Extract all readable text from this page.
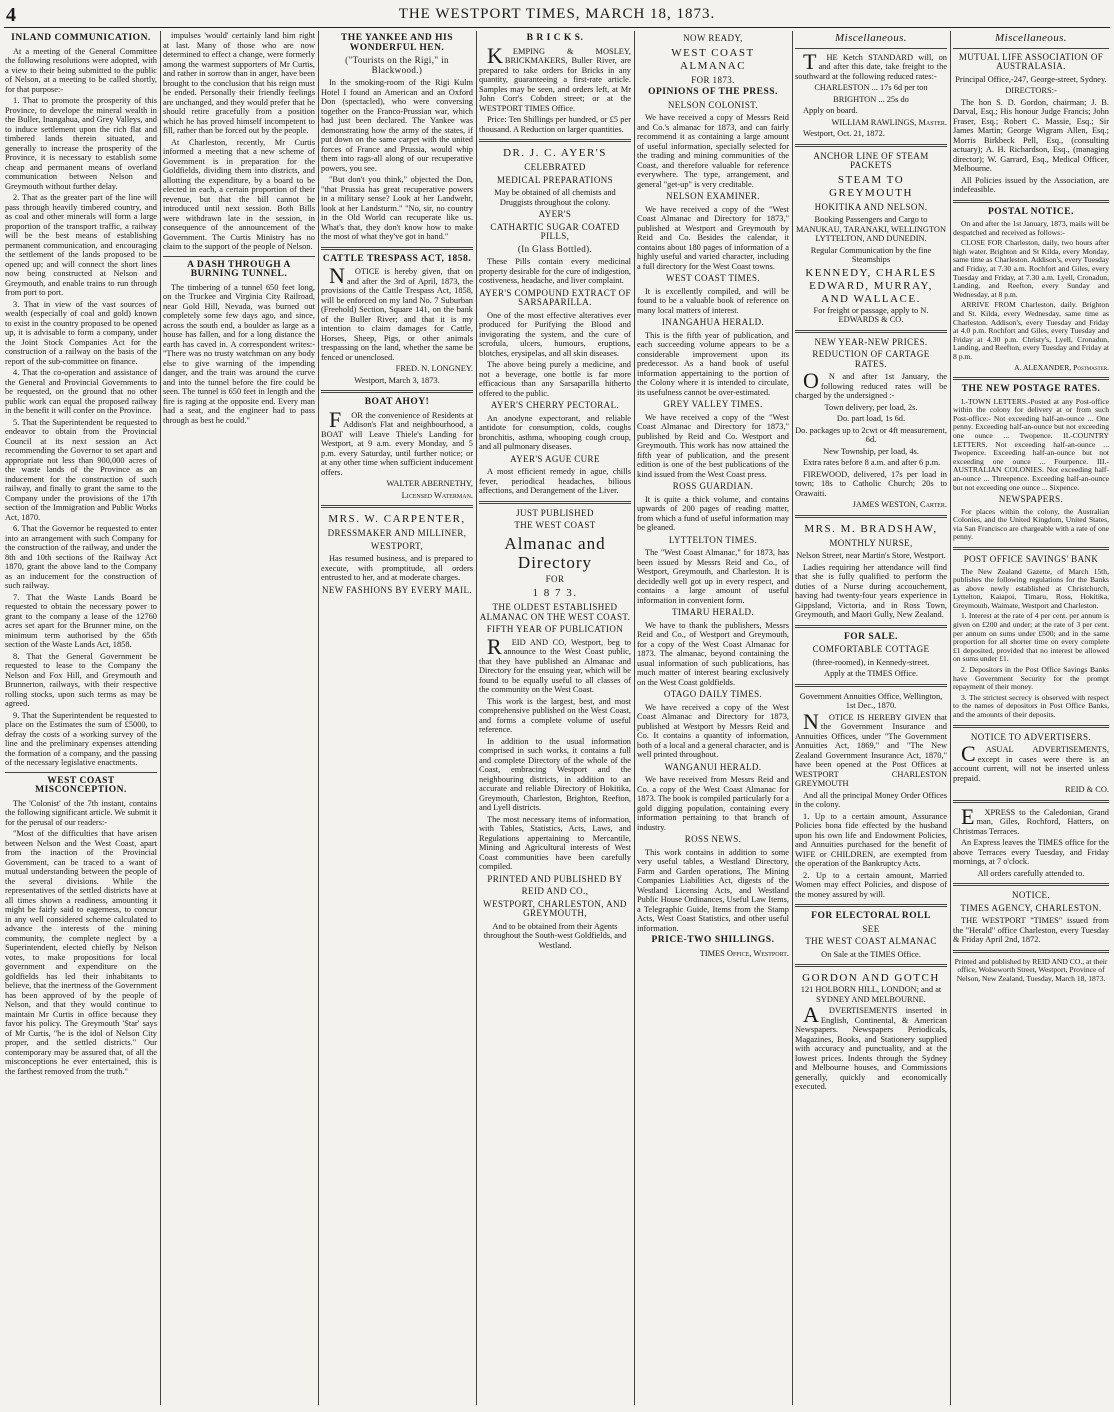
4	THE WESTPORT TIMES, MARCH 18, 1873.
INLAND COMMUNICATION.

At a meeting of the General Committee the following resolutions were adopted, with a view to their being submitted to the public of Nelson, at a meeting to be called shortly, for that purpose:-

1. That to promote the prosperity of this Province, to develope the mineral wealth in the Buller, Inangahua, and Grey Valleys, and to induce settlement upon the rich flat and timbered lands therein situated, and generally to increase the prosperity of the Province, it is necessary to establish some cheap and permanent means of overland communication between Nelson and Greymouth without further delay.

2. That as the greater part of the line will pass through heavily timbered country, and as coal and other minerals will form a large proportion of the transport traffic, a railway will be the best means of establishing permanent communication, and encouraging the settlement of the lands proposed to be opened up; and will connect the short lines now being constructed at Nelson and Greymouth, and enable trains to run through from port to port.

3. That in view of the vast sources of wealth (especially of coal and gold) known to exist in the country proposed to be opened up, it is advisable to form a company, under the Joint Stock Companies Act for the construction of a railway on the basis of the report of the sub-committee on finance.

4. That the co-operation and assistance of the General and Provincial Governments to be requested, on the ground that no other public work can equal the proposed railway in the benefit it will confer on the Province.

5. That the Superintendent be requested to endeavor to obtain from the Provincial Council at its next session an Act recommending the Governor to set apart and appropriate not less than 900,000 acres of the waste lands of the Province as an inducement for the construction of such railway, and finally to grant the same to the Company under the provisions of the 17th section of the Immigration and Public Works Act, 1870.

6. That the Governor be requested to enter into an arrangement with such Company for the construction of the railway, and under the 8th and 10th sections of the Railway Act 1870, grant the above land to the Company as an inducement for the construction of such railway.

7. That the Waste Lands Board be requested to obtain the necessary power to grant to the company a lease of the 12760 acres set apart for the Brunner mine, on the minimum term authorised by the 65th section of the Waste Lands Act, 1858.

8. That the General Government be requested to lease to the Company the Nelson and Fox Hill, and Greymouth and Brunnerton, railways, with their respective rolling stocks, upon such terms as may be agreed.

9. That the Superintendent be requested to place on the Estimates the sum of £5000, to defray the costs of a working survey of the line and the preliminary expenses attending the formation of a company, and the passing of the necessary legislative enactments.

WEST COAST MISCONCEPTION.

The 'Colonist' of the 7th instant, contains the following significant article. We submit it for the perusal of our readers:-

"Most of the difficulties that have arisen between Nelson and the West Coast, apart from the inaction of the Provincial Government, can be traced to a want of mutual understanding between the people of the several divisions. While the representatives of the settled districts have at all times shown a readiness, amounting it might be fairly said to eagerness, to concur in any well considered scheme calculated to advance the interests of the mining community, the complete neglect by a Superintendent, elected chiefly by Nelson votes, to make propositions for local government and expenditure on the goldfields has led their inhabitants to believe, that the inertness of the Government has been approved of by the people of Nelson, and that they would continue to maintain Mr Curtis in office because they favor his policy. The Greymouth 'Star' says of Mr Curtis, "he is the idol of Nelson City proper, and the settled districts." Our contemporary may be assured that, of all the misconceptions he ever entertained, this is the farthest removed from the truth."

impulses 'would' certainly land him right at last. Many of those who are now determined to effect a change, were formerly among the warmest supporters of Mr Curtis, and rather in sorrow than in anger, have been brought to the conclusion that his reign must be ended. Personally their friendly feelings are unchanged, and they would prefer that he should retire gracefully from a position which he has proved himself incompetent to fill, rather than be forced out by the people.

At Charleston, recently, Mr Curtis informed a meeting that a new scheme of Government is in preparation for the Goldfields, dividing them into districts, and allotting the expenditure, by a board to be elected in each, a certain proportion of their revenue, but that the bill cannot be introduced until next session. Both Bills were withdrawn late in the session, in consequence of the announcement of the Government. The Curtis Ministry has no claim to the support of the people of Nelson.

A DASH THROUGH A BURNING TUNNEL.

The timbering of a tunnel 650 feet long, on the Truckee and Virginia City Railroad, near Gold Hill, Nevada, was burned out completely some few days ago, and since, across the south end, a boulder as large as a house has fallen, and for a long distance the earth has caved in. A correspondent writes:- "There was no trusty watchman on any body else to give warning of the impending danger, and the train was around the curve and into the tunnel before the fire could be seen. The tunnel is 650 feet in length and the fire is raging at the opposite end. Every man had a seat, and the engineer had to pass through as best he could."

THE YANKEE AND HIS WONDERFUL HEN.
("Tourists on the Rigi," in Blackwood.)

In the smoking-room of the Rigi Kulm Hotel I found an American and an Oxford Don (spectacled), who were conversing together on the Franco-Prussian war, which had just been declared. The Yankee was demonstrating how the army of the states, if put down on the same carpet with the united forces of France and Prussia, would whip them into rags-all along of our recuperative powers, you see.

"But don't you think," objected the Don, "that Prussia has great recuperative powers in a military sense? Look at her Landwehr, look at her Landsturm." "No, sir, no country in the Old World can recuperate like us. What's that, they don't know how to make the most of what they've got in hand."

CATTLE TRESPASS ACT, 1858.

NOTICE is hereby given, that on and after the 3rd of April, 1873, the provisions of the Cattle Trespass Act, 1858, will be enforced on my land No. 7 Suburban (Freehold) Section, Square 141, on the bank of the Buller River; and that it is my intention to claim damages for Cattle, Horses, Sheep, Pigs, or other animals trespassing on the land, whether the same be fenced or unenclosed.

FRED. N. LONGNEY.

Westport, March 3, 1873.

BOAT AHOY!

FOR the convenience of Residents at Addison's Flat and neighbourhood, a BOAT will Leave Thiele's Landing for Westport, at 9 a.m. every Monday, and 5 p.m. every Saturday, until further notice; or at any other time when sufficient inducement offers.

WALTER ABERNETHY,

Licensed Waterman.

MRS. W. CARPENTER,
DRESSMAKER AND MILLINER,
WESTPORT,

Has resumed business, and is prepared to execute, with promptitude, all orders entrusted to her, and at moderate charges.

NEW FASHIONS BY EVERY MAIL.
B R I C K S.

KEMPING & MOSLEY, BRICKMAKERS, Buller River, are prepared to take orders for Bricks in any quantity, guaranteeing a first-rate article. Samples may be seen, and orders left, at Mr John Corr's Cobden street; or at the WESTPORT TIMES Office.

Price: Ten Shillings per hundred, or £5 per thousand. A Reduction on larger quantities.

DR. J. C. AYER'S
CELEBRATED
MEDICAL PREPARATIONS

May be obtained of all chemists and Druggists throughout the colony.

AYER'S
CATHARTIC SUGAR COATED PILLS,
(In Glass Bottled).

These Pills contain every medicinal property desirable for the cure of indigestion, costiveness, headache, and liver complaint.

AYER'S COMPOUND EXTRACT OF SARSAPARILLA.

One of the most effective alteratives ever produced for Purifying the Blood and invigorating the system, and the cure of scrofula, ulcers, humours, eruptions, blotches, erysipelas, and all skin diseases.

The above being purely a medicine, and not a beverage, one bottle is far more efficacious than any Sarsaparilla hitherto offered to the public.

AYER'S CHERRY PECTORAL.

An anodyne expectorant, and reliable antidote for consumption, colds, coughs bronchitis, asthma, whooping cough croup, and all pulmonary diseases.

AYER'S AGUE CURE

A most efficient remedy in ague, chills fever, periodical headaches, bilious affections, and Derangement of the Liver.

JUST PUBLISHED
THE WEST COAST
Almanac and Directory
FOR
1 8 7 3.
THE OLDEST ESTABLISHED ALMANAC ON THE WEST COAST.
FIFTH YEAR OF PUBLICATION

REID AND CO, Westport, beg to announce to the West Coast public, that they have published an Almanac and Directory for the ensuing year, which will be found to be equally useful to all classes of the community on the West Coast.

This work is the largest, best, and most comprehensive published on the West Coast, and forms a complete volume of useful reference.

In addition to the usual information comprised in such works, it contains a full and complete Directory of the whole of the Coast, embracing Westport and the neighbouring districts, in addition to an accurate and reliable Directory of Hokitika, Greymouth, Charleston, Brighton, Reefton, and Lyell districts.

The most necessary items of information, with Tables, Statistics, Acts, Laws, and Regulations appertaining to Mercantile, Mining and Agricultural interests of West Coast communities have been carefully compiled.

PRINTED AND PUBLISHED BY
REID AND CO.,
WESTPORT, CHARLESTON, AND GREYMOUTH,

And to be obtained from their Agents throughout the South-west Goldfields, and Westland.

NOW READY,
WEST COAST ALMANAC
FOR 1873.
OPINIONS OF THE PRESS.
NELSON COLONIST.

We have received a copy of Messrs Reid and Co.'s almanac for 1873, and can fairly recommend it as containing a large amount of useful information, specially selected for the trading and mining communities of the Coast, and therefore valuable for reference everywhere. The type, arrangement, and general "get-up" is very creditable.

NELSON EXAMINER.

We have received a copy of the "West Coast Almanac and Directory for 1873," published at Westport and Greymouth by Reid and Co. Besides the calendar, it contains about 180 pages of information of a highly useful and varied character, including a full directory for the West Coast towns.

WEST COAST TIMES.

It is excellently compiled, and will be found to be a valuable book of reference on many local matters of interest.

INANGAHUA HERALD.

This is the fifth year of publication, and each succeeding volume appears to be a considerable improvement upon its predecessor. As a hand book of useful information appertaining to the portion of the Colony where it is intended to circulate, its usefulness cannot be over-estimated.

GREY VALLEY TIMES.

We have received a copy of the "West Coast Almanac and Directory for 1873," published by Reid and Co. Westport and Greymouth. This work has now attained the fifth year of publication, and the present edition is one of the best publications of the kind issued from the West Coast press.

ROSS GUARDIAN.

It is quite a thick volume, and contains upwards of 200 pages of reading matter, from which a fund of useful information may be gleaned.

LYTTELTON TIMES.

The "West Coast Almanac," for 1873, has been issued by Messrs Reid and Co., of Westport, Greymouth, and Charleston. It is decidedly well got up in every respect, and contains a large amount of useful information in convenient form.

TIMARU HERALD.

We have to thank the publishers, Messrs Reid and Co., of Westport and Greymouth, for a copy of the West Coast Almanac for 1873. The almanac, beyond containing the usual information of such publications, has much matter of interest bearing exclusively on the West Coast goldfields.

OTAGO DAILY TIMES.

We have received a copy of the West Coast Almanac and Directory for 1873, published at Westport by Messrs Reid and Co. It contains a quantity of information, both of a local and a general character, and is well printed throughout.

WANGANUI HERALD.

We have received from Messrs Reid and Co. a copy of the West Coast Almanac for 1873. The book is compiled particularly for a gold digging population, containing every information pertaining to that branch of industry.

ROSS NEWS.

This work contains in addition to some very useful tables, a Westland Directory, Farm and Garden operations, The Mining Companies Liabilities Act, digests of the Westland Licensing Acts, and Westland Public House Ordinances, Useful Law Items, a Telegraphic Guide, Items from the Stamp Acts, West Coast Statistics, and other useful information.

PRICE-TWO SHILLINGS.

TIMES Office, Westport.

Miscellaneous.

THE Ketch STANDARD will, on and after this date, take freight to the southward at the following reduced rates:-

CHARLESTON ... 17s 6d per ton

BRIGHTON ... 25s do

Apply on board.

WILLIAM RAWLINGS, Master.

Westport, Oct. 21, 1872.

ANCHOR LINE OF STEAM PACKETS
STEAM TO GREYMOUTH
HOKITIKA AND NELSON.

Booking Passengers and Cargo to MANUKAU, TARANAKI, WELLINGTON LYTTELTON, AND DUNEDIN.

Regular Communication by the fine Steamships

KENNEDY, CHARLES EDWARD, MURRAY, AND WALLACE.

For freight or passage, apply to N. EDWARDS & CO.

NEW YEAR-NEW PRICES.
REDUCTION OF CARTAGE RATES.

ON and after 1st January, the following reduced rates will be charged by the undersigned :-

Town delivery, per load, 2s.

Do. part load, 1s 6d.

Do. packages up to 2cwt or 4ft measurement, 6d.

New Township, per load, 4s.

Extra rates before 8 a.m. and after 6 p.m.

FIREWOOD, delivered, 17s per load in town; 18s to Catholic Church; 20s to Orawaiti.

JAMES WESTON, Carter.

MRS. M. BRADSHAW,
MONTHLY NURSE,

Nelson Street, near Martin's Store, Westport.

Ladies requiring her attendance will find that she is fully qualified to perform the duties of a Nurse during accouchement, having had twenty-four years experience in Gippsland, Victoria, and in Ross Town, Greymouth, and Maori Gully, New Zealand.

FOR SALE.
COMFORTABLE COTTAGE

(three-roomed), in Kennedy-street.

Apply at the TIMES Office.

Government Annuities Office, Wellington, 1st Dec., 1870.

NOTICE IS HEREBY GIVEN that the Government Insurance and Annuities Offices, under "The Government Annuities Act, 1869," and "The New Zealand Government Insurance Act, 1870," have been opened at the Post Offices at WESTPORT CHARLESTON GREYMOUTH

And all the principal Money Order Offices in the colony.

1. Up to a certain amount, Assurance Policies bona fide effected by the husband upon his own life and Endowment Policies, and Annuities purchased for the benefit of WIFE or CHILDREN, are exempted from the operation of the Bankruptcy Acts.

2. Up to a certain amount, Married Women may effect Policies, and dispose of the money assured by will.

FOR ELECTORAL ROLL
SEE
THE WEST COAST ALMANAC

On Sale at the TIMES Office.

GORDON AND GOTCH

121 HOLBORN HILL, LONDON; and at SYDNEY AND MELBOURNE.

ADVERTISEMENTS inserted in English, Continental, & American Newspapers. Newspapers Periodicals, Magazines, Books, and Stationery supplied with accuracy and punctuality, and at the lowest prices. Indents through the Sydney and Melbourne houses, and Commissions generally, quickly and economically executed.

Miscellaneous.
MUTUAL LIFE ASSOCIATION OF AUSTRALASIA.

Principal Office,-247, George-street, Sydney.

DIRECTORS:-

The hon S. D. Gordon, chairman; J. B. Darval, Esq.; His honour Judge Francis; John Fraser, Esq.; Robert C. Massie, Esq.; Sir James Martin; George Wigram Allen, Esq.; Morris Birkbeck Pell, Esq., (consulting actuary); A. H. Richardson, Esq., (managing director); W. Garrard, Esq., Medical Officer, Melbourne.

All Policies issued by the Association, are indefeasible.

POSTAL NOTICE.

On and after the 1st January, 1873, mails will be despatched and received as follows:-

CLOSE FOR Charleston, daily, two hours after high water. Brighton and St Kilda, every Monday, same time as Charleston. Addison's, every Tuesday and Friday, at 7.30 a.m. Rochfort and Giles, every Tuesday and Friday, at 7.30 a.m. Lyell, Cronadun, Landing, and Reefton, every Sunday and Wednesday, at 8 p.m.

ARRIVE FROM Charleston, daily. Brighton and St. Kilda, every Wednesday, same time as Charleston. Addison's, every Tuesday and Friday at 4.0 p.m. Rochfort and Giles, every Tuesday and Friday at 4.30 p.m. Christy's, Lyell, Cronadun, Landing, and Reefton, every Tuesday and Friday at 8 p.m.

A. ALEXANDER, Postmaster.

THE NEW POSTAGE RATES.

I.-TOWN LETTERS.-Posted at any Post-office within the colony for delivery at or from such Post-office:- Not exceeding half-an-ounce ... One penny. Exceeding half-an-ounce but not exceeding one ounce ... Twopence. II.-COUNTRY LETTERS. Not exceeding half-an-ounce ... Twopence. Exceeding half-an-ounce but not exceeding one ounce ... Fourpence. III.-AUSTRALIAN COLONIES. Not exceeding half-an-ounce ... Threepence. Exceeding half-an-ounce but not exceeding one ounce ... Sixpence.

NEWSPAPERS.

For places within the colony, the Australian Colonies, and the United Kingdom, United States, via San Francisco are chargeable with a rate of one penny.

POST OFFICE SAVINGS' BANK

The New Zealand Gazette, of March 15th, publishes the following regulations for the Banks as above newly established at Christchurch, Lyttelton, Kaiapoi, Timaru, Ross, Hokitika, Greymouth, Waimate, Westport and Charleston.

1. Interest at the rate of 4 per cent. per annum is given on £200 and under; at the rate of 3 per cent. per annum on sums under £500; and in the same proportion for all shorter time on every complete £1 deposited, provided that no interest be allowed on sums under £1.

2. Depositors in the Post Office Savings Banks have Government Security for the prompt repayment of their money.

3. The strictest secrecy is observed with respect to the names of depositors in Post Office Banks, and the amounts of their deposits.

NOTICE TO ADVERTISERS.

CASUAL ADVERTISEMENTS, except in cases were there is an account current, will not be inserted unless prepaid.

REID & CO.

EXPRESS to the Caledonian, Grand man, Giles, Rochford, Hatters, on Christmas Terraces.

An Express leaves the TIMES office for the above Terraces every Tuesday, and Friday mornings, at 7 o'clock.

All orders carefully attended to.

NOTICE.
TIMES AGENCY, CHARLESTON.

THE WESTPORT "TIMES" issued from the "Herald" office Charleston, every Tuesday & Friday April 2nd, 1872.

Printed and published by REID AND CO., at their office, Wolseworth Street, Westport, Province of Nelson, New Zealand, Tuesday, March 18, 1873.
